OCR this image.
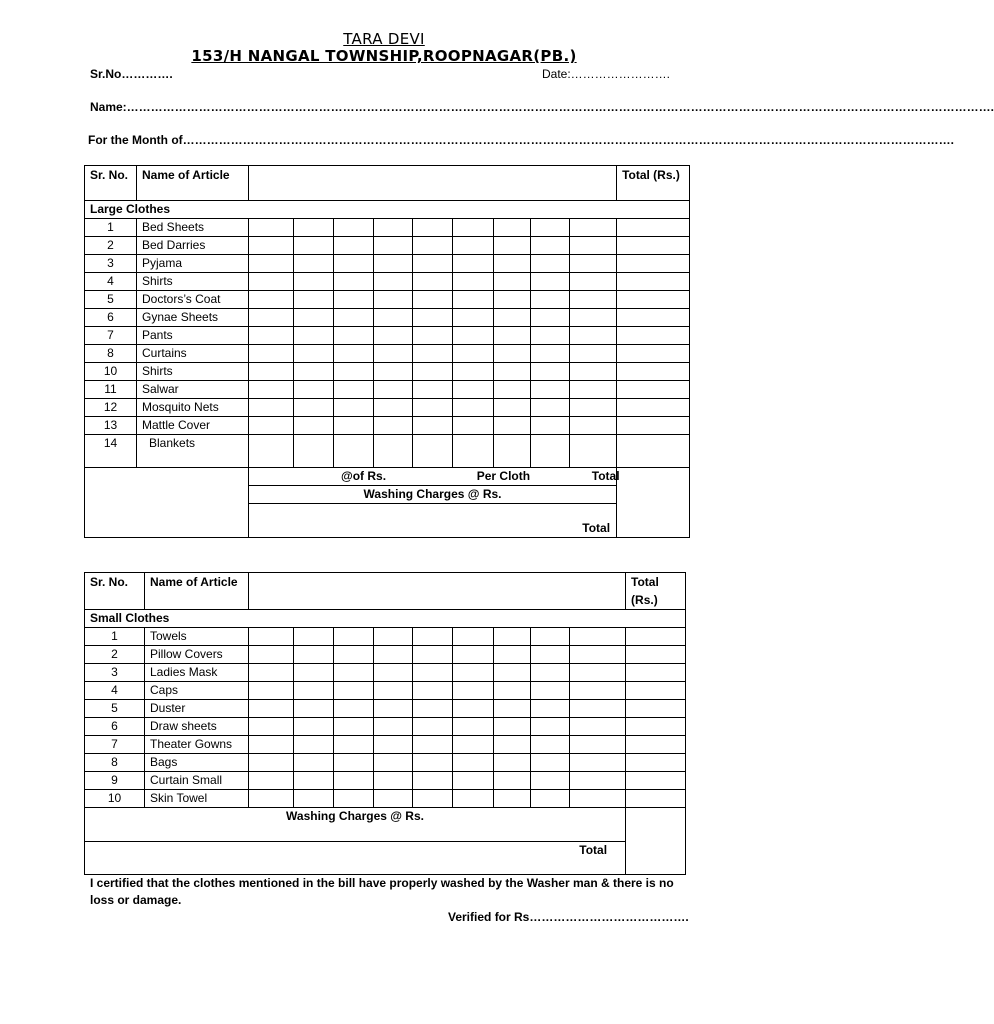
TARA DEVI
153/H NANGAL TOWNSHIP,ROOPNAGAR(PB.)
Sr.No………….	Date:…………………….
Name:……………………………………………………………………………………………………………………………………………………………………………………………….
For the Month of………………………………………………………………………………………………………………………………………………………………………….
Sr. No.	Name of Article										Total (Rs.)
Large Clothes											
1	Bed Sheets										
2	Bed Darries										
3	Pyjama										
4	Shirts										
5	Doctors’s Coat										
6	Gynae Sheets										
7	Pants										
8	Curtains										
10	Shirts										
11	Salwar										
12	Mosquito Nets										
13	Mattle Cover										
14	Blankets										
		@of Rs. Per Cloth Total									
		Washing Charges @ Rs.									
		Total									
Sr. No.	Name of Article										Total (Rs.)
Small Clothes											
1	Towels										
2	Pillow Covers										
3	Ladies Mask										
4	Caps										
5	Duster										
6	Draw sheets										
7	Theater Gowns										
8	Bags										
9	Curtain Small										
10	Skin Towel										
Washing Charges @ Rs.											
Total											
I certified that the clothes mentioned in the bill have properly washed by the Washer man & there is no loss or damage.
Verified for Rs………………………………….
